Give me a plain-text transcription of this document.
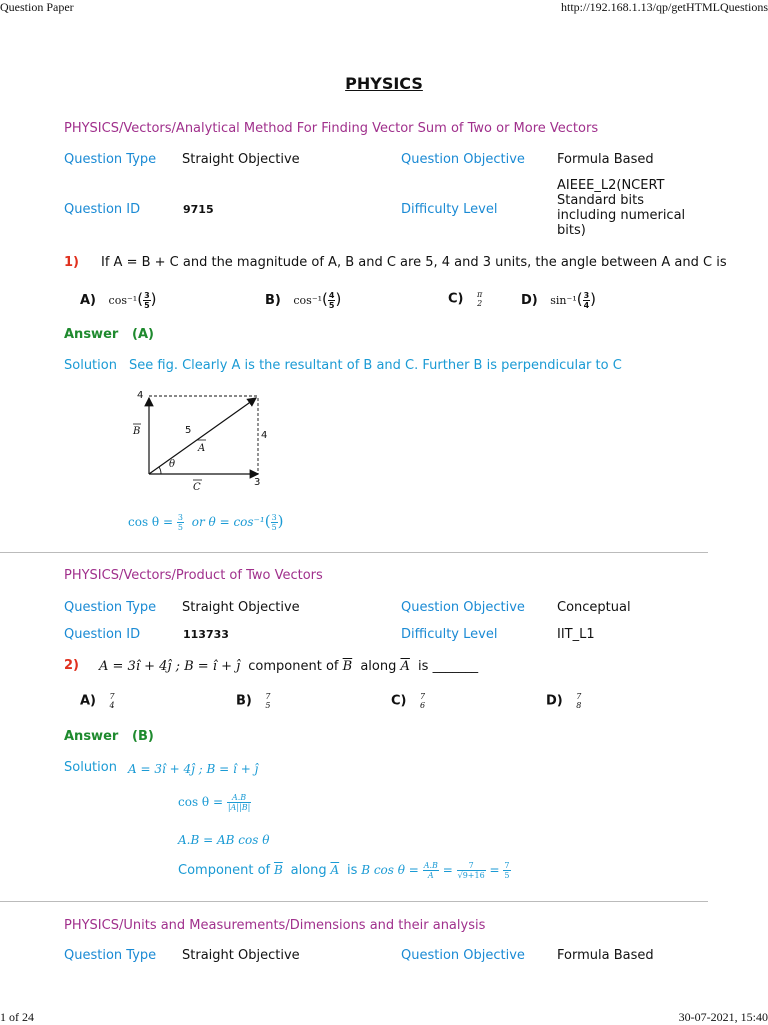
Question Paper	http://192.168.1.13/qp/getHTMLQuestions
1 of 24	30-07-2021, 15:40
PHYSICS
PHYSICS/Vectors/Analytical Method For Finding Vector Sum of Two or More Vectors
Question Type Straight Objective	Question Objective Formula Based
Question ID	9715	Difficulty Level
AIEEE_L2(NCERT
Standard bits
including numerical
bits)
1) If A = B + C and the magnitude of A, B and C are 5, 4 and 3 units, the angle between A and C is
A) $\cos^{-1}( \frac{3}{5}$ )	B) $\cos^{-1}( \frac{4}{5}$ )	C) π
2	D) $\sin^{-1}( \frac{3}{4}$ )
Answer (A)
Solution See fig. Clearly A is the resultant of B and C. Further B is perpendicular to C
4
4
3
5
B
A
C
θ
$\cos \theta = \frac{3}{5}$ or $\theta = \cos^{-1}( \frac{3}{5}$ )
PHYSICS/Vectors/Product of Two Vectors
Question Type Straight Objective	Question Objective Conceptual
Question ID	113733	Difficulty Level	IIT_L1
2) A = 3î + 4ĵ ; B = î + ĵ component of $\overline{B}$ along $\overline{A}$ is _______
A) 7
4	B) 7
5	C) 7
6	D) 7
8
Answer (B)
Solution A = 3î + 4ĵ ; B = î + ĵ
$\cos \theta = \frac{A.B}{|A||B|}$
A.B = AB cos θ
Component of $\overline{B}$ along $\overline{A}$ is B $\cos \theta = \frac{A.B}{A} = \frac{7}{√9+16} = \frac{7}{5}$
PHYSICS/Units and Measurements/Dimensions and their analysis
Question Type Straight Objective	Question Objective Formula Based
